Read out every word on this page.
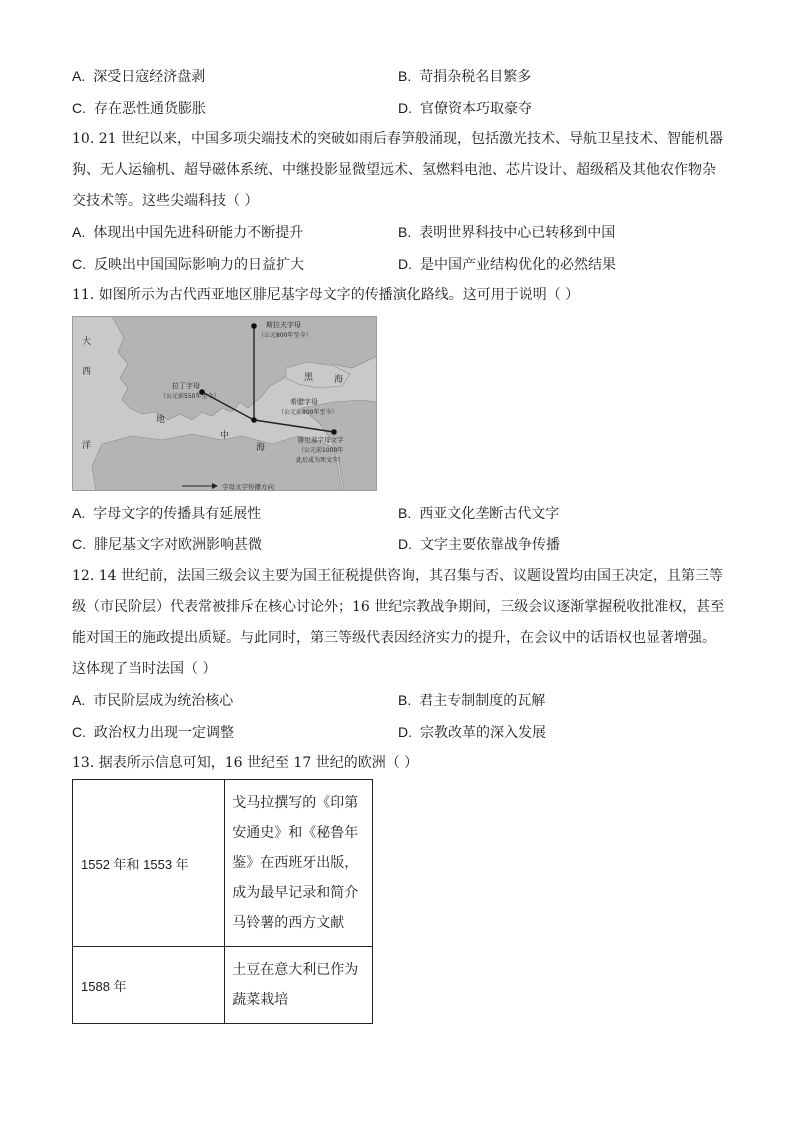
A. 深受日寇经济盘剥	B. 苛捐杂税名目繁多
C. 存在恶性通货膨胀	D. 官僚资本巧取豪夺
10. 21 世纪以来，中国多项尖端技术的突破如雨后春笋般涌现，包括激光技术、导航卫星技术、智能机器
狗、无人运输机、超导磁体系统、中继投影显微望远术、氢燃料电池、芯片设计、超级稻及其他农作物杂
交技术等。这些尖端科技（ ）
A. 体现出中国先进科研能力不断提升	B. 表明世界科技中心已转移到中国
C. 反映出中国国际影响力的日益扩大	D. 是中国产业结构优化的必然结果
11. 如图所示为古代西亚地区腓尼基字母文字的传播演化路线。这可用于说明（ ）
斯拉夫字母
（公元800年至今）
拉丁字母
（公元前550年至今）
希腊字母
（公元前800年至今）
腓尼基字母文字
（公元前1000年
此后成为死文字）
大
西
洋
地
中
海
黑 海
字母文字传播方向
A. 字母文字的传播具有延展性	B. 西亚文化垄断古代文字
C. 腓尼基文字对欧洲影响甚微	D. 文字主要依靠战争传播
12. 14 世纪前，法国三级会议主要为国王征税提供咨询，其召集与否、议题设置均由国王决定，且第三等
级（市民阶层）代表常被排斥在核心讨论外；16 世纪宗教战争期间，三级会议逐渐掌握税收批准权，甚至
能对国王的施政提出质疑。与此同时，第三等级代表因经济实力的提升，在会议中的话语权也显著增强。
这体现了当时法国（ ）
A. 市民阶层成为统治核心	B. 君主专制制度的瓦解
C. 政治权力出现一定调整	D. 宗教改革的深入发展
13. 据表所示信息可知，16 世纪至 17 世纪的欧洲（ ）
1552 年和 1553 年	戈马拉撰写的《印第安通史》和《秘鲁年鉴》在西班牙出版，成为最早记录和简介马铃薯的西方文献
1588 年	土豆在意大利已作为蔬菜栽培
